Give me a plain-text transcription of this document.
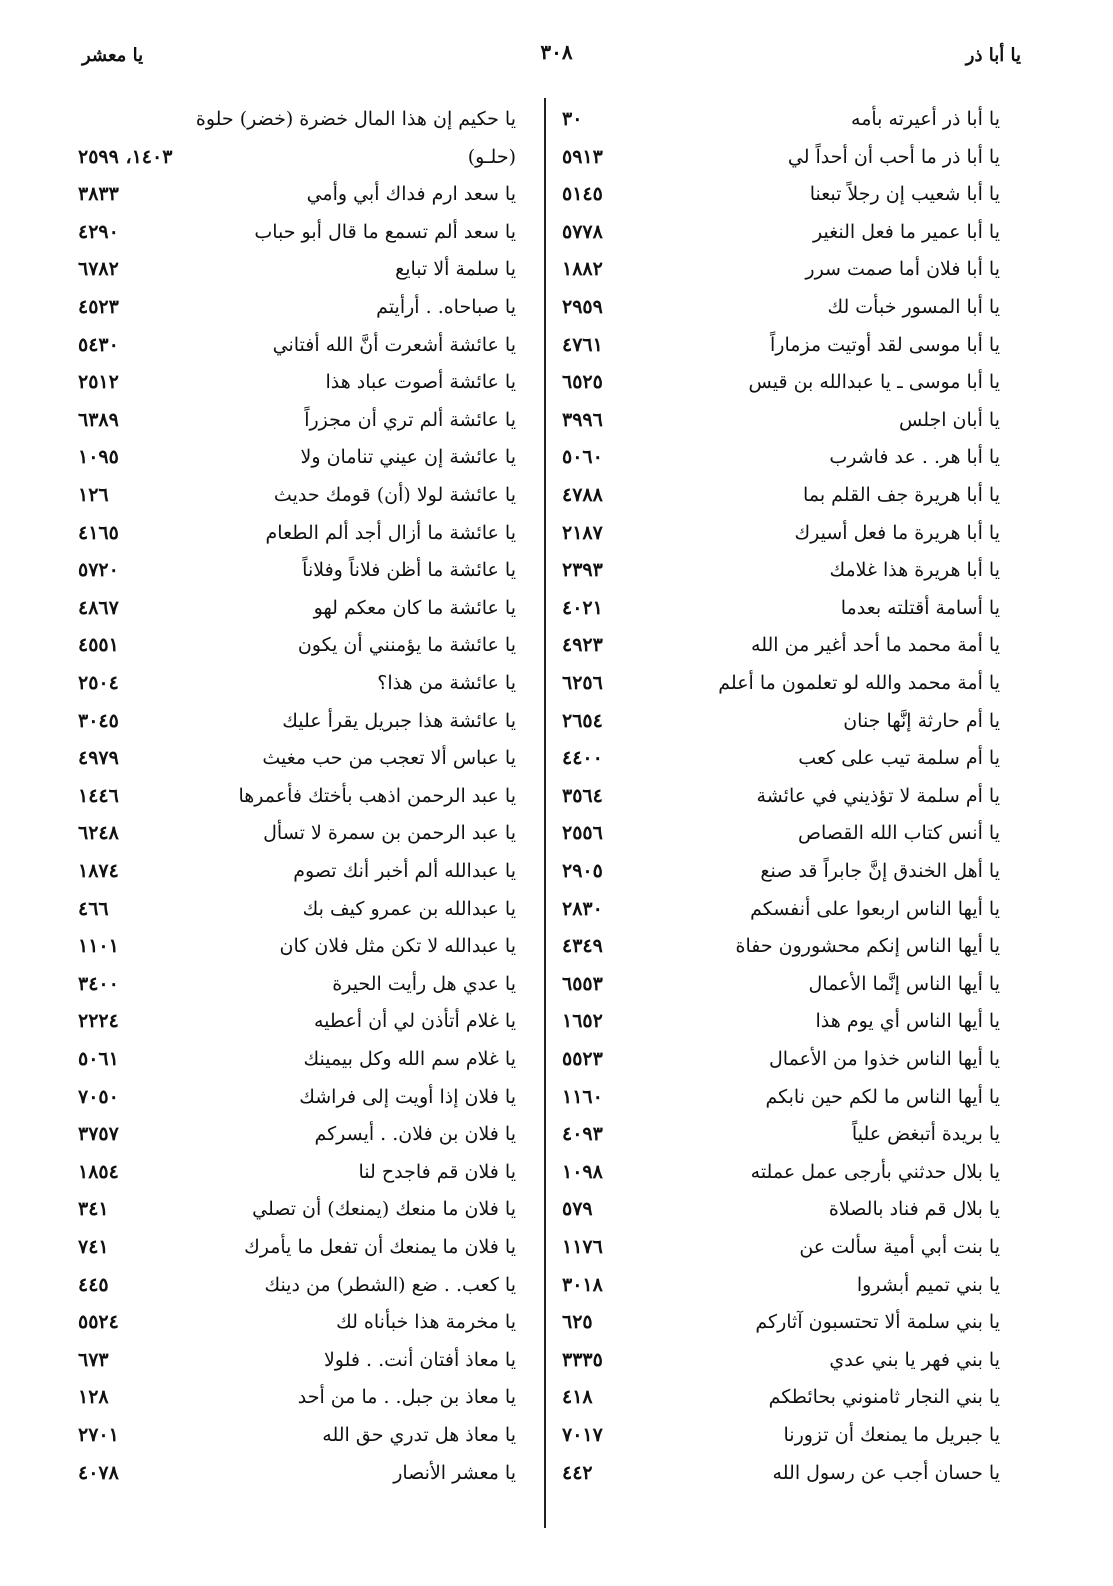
يا أبا ذر
٣٠٨
يا معشر
يا أبا ذر أعيرته بأمه
٣٠
يا أبا ذر ما أحب أن أحداً لي
٥٩١٣
يا أبا شعيب إن رجلاً تبعنا
٥١٤٥
يا أبا عمير ما فعل النغير
٥٧٧٨
يا أبا فلان أما صمت سرر
١٨٨٢
يا أبا المسور خبأت لك
٢٩٥٩
يا أبا موسى لقد أوتيت مزماراً
٤٧٦١
يا أبا موسى ـ يا عبدالله بن قيس
٦٥٢٥
يا أبان اجلس
٣٩٩٦
يا أبا هر. . عد فاشرب
٥٠٦٠
يا أبا هريرة جف القلم بما
٤٧٨٨
يا أبا هريرة ما فعل أسيرك
٢١٨٧
يا أبا هريرة هذا غلامك
٢٣٩٣
يا أسامة أقتلته بعدما
٤٠٢١
يا أمة محمد ما أحد أغير من الله
٤٩٢٣
يا أمة محمد والله لو تعلمون ما أعلم
٦٢٥٦
يا أم حارثة إنَّها جنان
٢٦٥٤
يا أم سلمة تيب على كعب
٤٤٠٠
يا أم سلمة لا تؤذيني في عائشة
٣٥٦٤
يا أنس كتاب الله القصاص
٢٥٥٦
يا أهل الخندق إنَّ جابراً قد صنع
٢٩٠٥
يا أيها الناس اربعوا على أنفسكم
٢٨٣٠
يا أيها الناس إنكم محشورون حفاة
٤٣٤٩
يا أيها الناس إنَّما الأعمال
٦٥٥٣
يا أيها الناس أي يوم هذا
١٦٥٢
يا أيها الناس خذوا من الأعمال
٥٥٢٣
يا أيها الناس ما لكم حين نابكم
١١٦٠
يا بريدة أتبغض علياً
٤٠٩٣
يا بلال حدثني بأرجى عمل عملته
١٠٩٨
يا بلال قم فناد بالصلاة
٥٧٩
يا بنت أبي أمية سألت عن
١١٧٦
يا بني تميم أبشروا
٣٠١٨
يا بني سلمة ألا تحتسبون آثاركم
٦٢٥
يا بني فهر يا بني عدي
٣٣٣٥
يا بني النجار ثامنوني بحائطكم
٤١٨
يا جبريل ما يمنعك أن تزورنا
٧٠١٧
يا حسان أجب عن رسول الله
٤٤٢
يا حكيم إن هذا المال خضرة (خضر) حلوة
(حلـو)
١٤٠٣، ٢٥٩٩
يا سعد ارم فداك أبي وأمي
٣٨٣٣
يا سعد ألم تسمع ما قال أبو حباب
٤٢٩٠
يا سلمة ألا تبايع
٦٧٨٢
يا صباحاه. . أرأيتم
٤٥٢٣
يا عائشة أشعرت أنَّ الله أفتاني
٥٤٣٠
يا عائشة أصوت عباد هذا
٢٥١٢
يا عائشة ألم تري أن مجزراً
٦٣٨٩
يا عائشة إن عيني تنامان ولا
١٠٩٥
يا عائشة لولا (أن) قومك حديث
١٢٦
يا عائشة ما أزال أجد ألم الطعام
٤١٦٥
يا عائشة ما أظن فلاناً وفلاناً
٥٧٢٠
يا عائشة ما كان معكم لهو
٤٨٦٧
يا عائشة ما يؤمنني أن يكون
٤٥٥١
يا عائشة من هذا؟
٢٥٠٤
يا عائشة هذا جبريل يقرأ عليك
٣٠٤٥
يا عباس ألا تعجب من حب مغيث
٤٩٧٩
يا عبد الرحمن اذهب بأختك فأعمرها
١٤٤٦
يا عبد الرحمن بن سمرة لا تسأل
٦٢٤٨
يا عبدالله ألم أخبر أنك تصوم
١٨٧٤
يا عبدالله بن عمرو كيف بك
٤٦٦
يا عبدالله لا تكن مثل فلان كان
١١٠١
يا عدي هل رأيت الحيرة
٣٤٠٠
يا غلام أتأذن لي أن أعطيه
٢٢٢٤
يا غلام سم الله وكل بيمينك
٥٠٦١
يا فلان إذا أويت إلى فراشك
٧٠٥٠
يا فلان بن فلان. . أيسركم
٣٧٥٧
يا فلان قم فاجدح لنا
١٨٥٤
يا فلان ما منعك (يمنعك) أن تصلي
٣٤١
يا فلان ما يمنعك أن تفعل ما يأمرك
٧٤١
يا كعب. . ضع (الشطر) من دينك
٤٤٥
يا مخرمة هذا خبأناه لك
٥٥٢٤
يا معاذ أفتان أنت. . فلولا
٦٧٣
يا معاذ بن جبل. . ما من أحد
١٢٨
يا معاذ هل تدري حق الله
٢٧٠١
يا معشر الأنصار
٤٠٧٨
